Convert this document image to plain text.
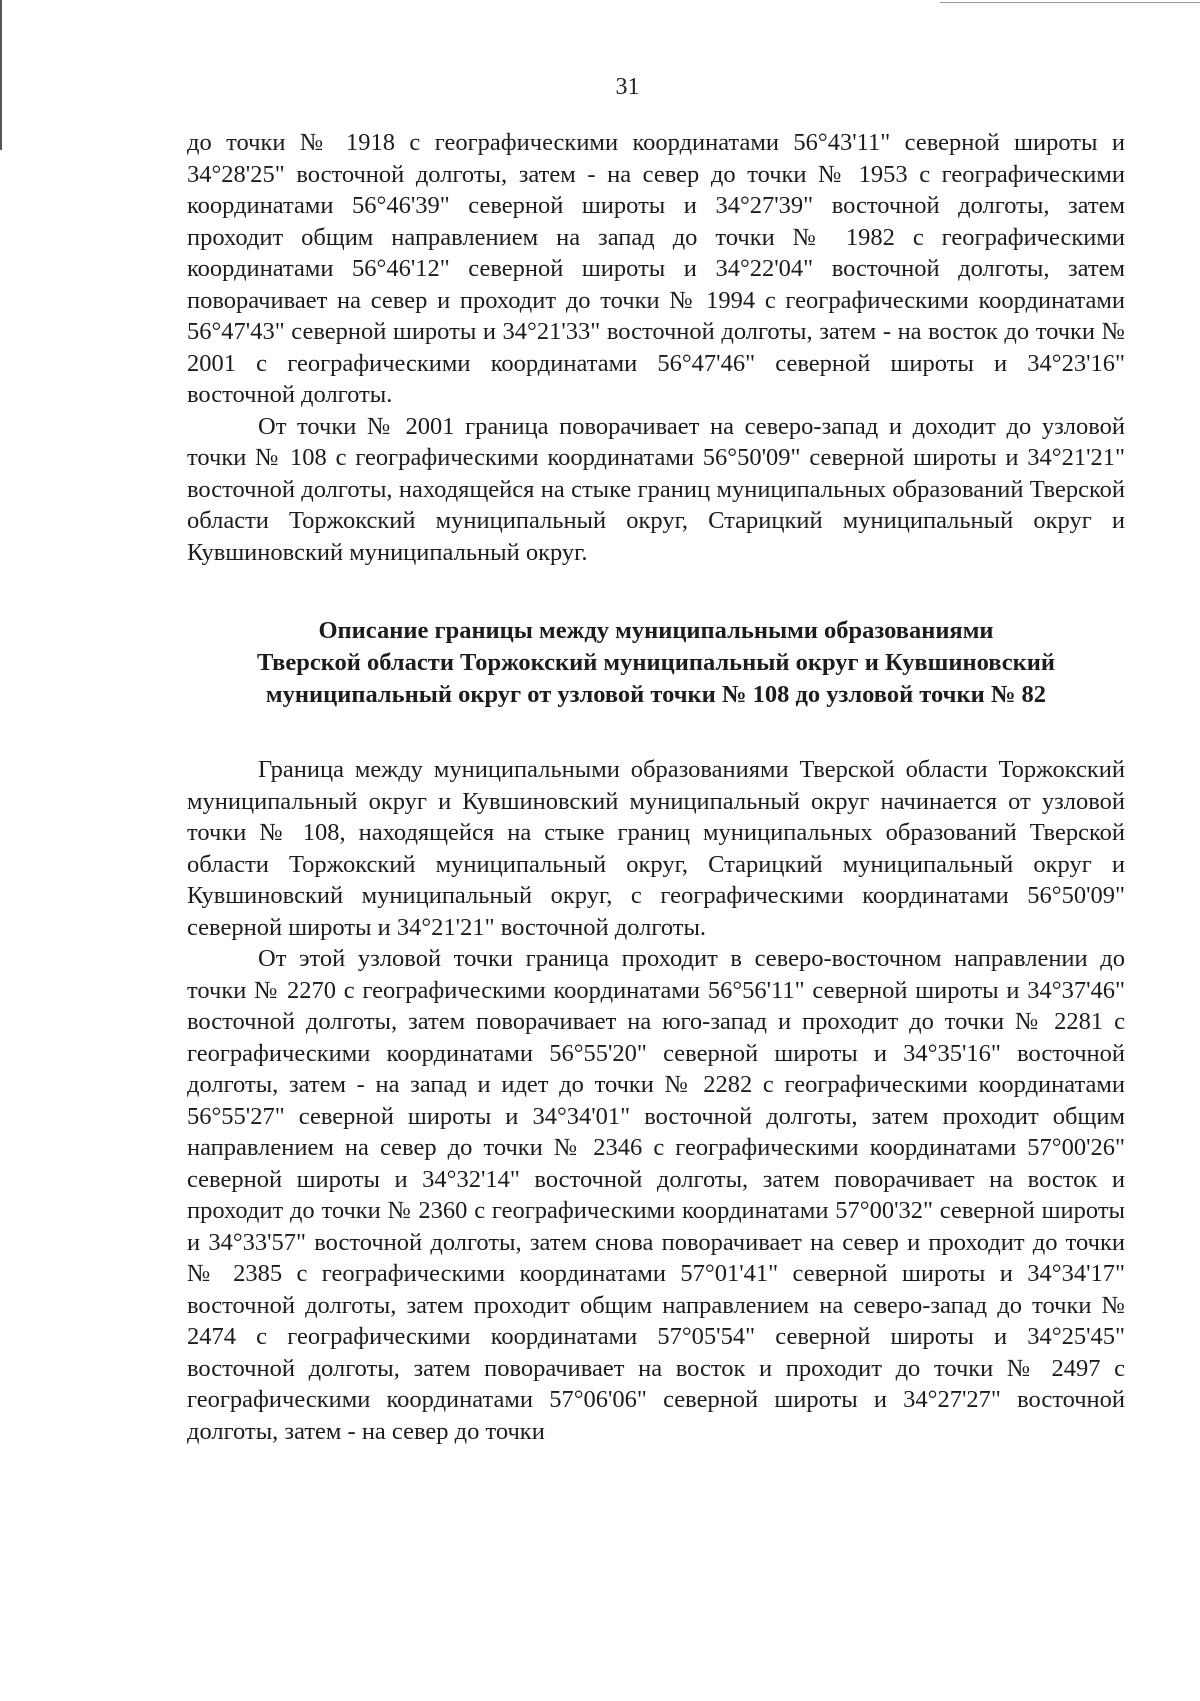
31

до точки № 1918 с географическими координатами 56°43'11" северной широты и 34°28'25" восточной долготы, затем - на север до точки № 1953 с географическими координатами 56°46'39" северной широты и 34°27'39" восточной долготы, затем проходит общим направлением на запад до точки № 1982 с географическими координатами 56°46'12" северной широты и 34°22'04" восточной долготы, затем поворачивает на север и проходит до точки № 1994 с географическими координатами 56°47'43" северной широты и 34°21'33" восточной долготы, затем - на восток до точки № 2001 с географическими координатами 56°47'46" северной широты и 34°23'16" восточной долготы.

От точки № 2001 граница поворачивает на северо-запад и доходит до узловой точки № 108 с географическими координатами 56°50'09" северной широты и 34°21'21" восточной долготы, находящейся на стыке границ муниципальных образований Тверской области Торжокский муниципальный округ, Старицкий муниципальный округ и Кувшиновский муниципальный округ.

Описание границы между муниципальными образованиями
Тверской области Торжокский муниципальный округ и Кувшиновский
муниципальный округ от узловой точки № 108 до узловой точки № 82

Граница между муниципальными образованиями Тверской области Торжокский муниципальный округ и Кувшиновский муниципальный округ начинается от узловой точки № 108, находящейся на стыке границ муниципальных образований Тверской области Торжокский муниципальный округ, Старицкий муниципальный округ и Кувшиновский муниципальный округ, с географическими координатами 56°50'09" северной широты и 34°21'21" восточной долготы.

От этой узловой точки граница проходит в северо-восточном направлении до точки № 2270 с географическими координатами 56°56'11" северной широты и 34°37'46" восточной долготы, затем поворачивает на юго-запад и проходит до точки № 2281 с географическими координатами 56°55'20" северной широты и 34°35'16" восточной долготы, затем - на запад и идет до точки № 2282 с географическими координатами 56°55'27" северной широты и 34°34'01" восточной долготы, затем проходит общим направлением на север до точки № 2346 с географическими координатами 57°00'26" северной широты и 34°32'14" восточной долготы, затем поворачивает на восток и проходит до точки № 2360 с географическими координатами 57°00'32" северной широты и 34°33'57" восточной долготы, затем снова поворачивает на север и проходит до точки № 2385 с географическими координатами 57°01'41" северной широты и 34°34'17" восточной долготы, затем проходит общим направлением на северо-запад до точки № 2474 с географическими координатами 57°05'54" северной широты и 34°25'45" восточной долготы, затем поворачивает на восток и проходит до точки № 2497 с географическими координатами 57°06'06" северной широты и 34°27'27" восточной долготы, затем - на север до точки
